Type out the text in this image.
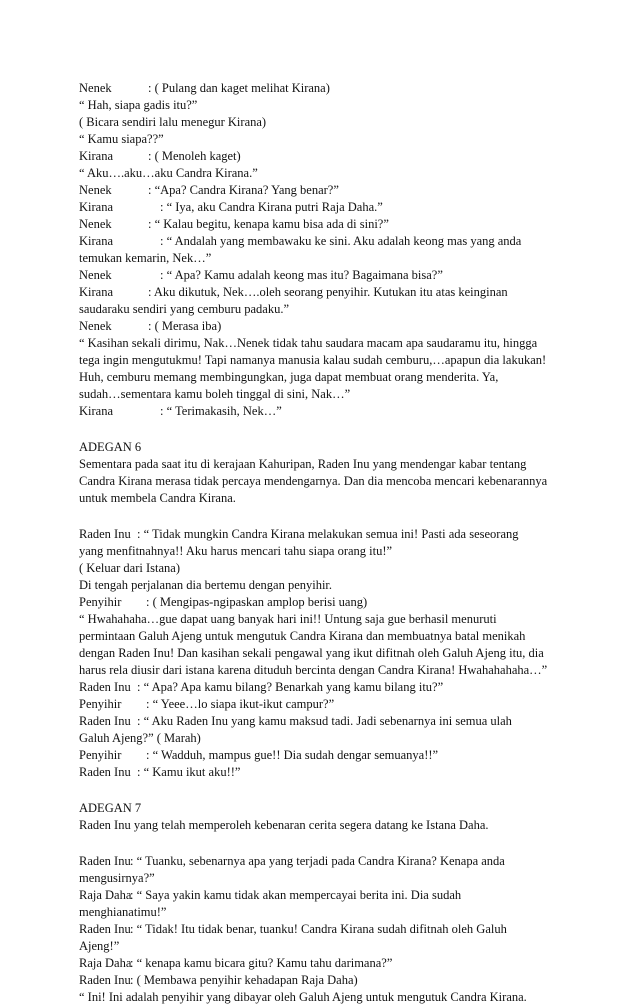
Nenek	: ( Pulang dan kaget melihat Kirana)
“ Hah, siapa gadis itu?”
( Bicara sendiri lalu menegur Kirana)
“ Kamu siapa??”
Kirana	: ( Menoleh kaget)
“ Aku….aku…aku Candra Kirana.”
Nenek	: “Apa? Candra Kirana? Yang benar?”
Kirana	: “ Iya, aku Candra Kirana putri Raja Daha.”
Nenek	: “ Kalau begitu, kenapa kamu bisa ada di sini?”
Kirana	: “ Andalah yang membawaku ke sini. Aku adalah keong mas yang anda
temukan kemarin, Nek…”
Nenek	: “ Apa? Kamu adalah keong mas itu? Bagaimana bisa?”
Kirana	: Aku dikutuk, Nek….oleh seorang penyihir. Kutukan itu atas keinginan
saudaraku sendiri yang cemburu padaku.”
Nenek	: ( Merasa iba)
“ Kasihan sekali dirimu, Nak…Nenek tidak tahu saudara macam apa saudaramu itu, hingga
tega ingin mengutukmu! Tapi namanya manusia kalau sudah cemburu,…apapun dia lakukan!
Huh, cemburu memang membingungkan, juga dapat membuat orang menderita. Ya,
sudah…sementara kamu boleh tinggal di sini, Nak…”
Kirana	: “ Terimakasih, Nek…”
ADEGAN 6
Sementara pada saat itu di kerajaan Kahuripan, Raden Inu yang mendengar kabar tentang
Candra Kirana merasa tidak percaya mendengarnya. Dan dia mencoba mencari kebenarannya
untuk membela Candra Kirana.
Raden Inu : “ Tidak mungkin Candra Kirana melakukan semua ini! Pasti ada seseorang
yang menfitnahnya!! Aku harus mencari tahu siapa orang itu!”
( Keluar dari Istana)
Di tengah perjalanan dia bertemu dengan penyihir.
Penyihir : ( Mengipas-ngipaskan amplop berisi uang)
“ Hwahahaha…gue dapat uang banyak hari ini!! Untung saja gue berhasil menuruti
permintaan Galuh Ajeng untuk mengutuk Candra Kirana dan membuatnya batal menikah
dengan Raden Inu! Dan kasihan sekali pengawal yang ikut difitnah oleh Galuh Ajeng itu, dia
harus rela diusir dari istana karena dituduh bercinta dengan Candra Kirana! Hwahahahaha…”
Raden Inu : “ Apa? Apa kamu bilang? Benarkah yang kamu bilang itu?”
Penyihir : “ Yeee…lo siapa ikut-ikut campur?”
Raden Inu : “ Aku Raden Inu yang kamu maksud tadi. Jadi sebenarnya ini semua ulah
Galuh Ajeng?” ( Marah)
Penyihir : “ Wadduh, mampus gue!! Dia sudah dengar semuanya!!”
Raden Inu : “ Kamu ikut aku!!”
ADEGAN 7
Raden Inu yang telah memperoleh kebenaran cerita segera datang ke Istana Daha.
Raden Inu: “ Tuanku, sebenarnya apa yang terjadi pada Candra Kirana? Kenapa anda
mengusirnya?”
Raja Daha: “ Saya yakin kamu tidak akan mempercayai berita ini. Dia sudah
menghianatimu!”
Raden Inu: “ Tidak! Itu tidak benar, tuanku! Candra Kirana sudah difitnah oleh Galuh
Ajeng!”
Raja Daha: “ kenapa kamu bicara gitu? Kamu tahu darimana?”
Raden Inu: ( Membawa penyihir kehadapan Raja Daha)
“ Ini! Ini adalah penyihir yang dibayar oleh Galuh Ajeng untuk mengutuk Candra Kirana.
